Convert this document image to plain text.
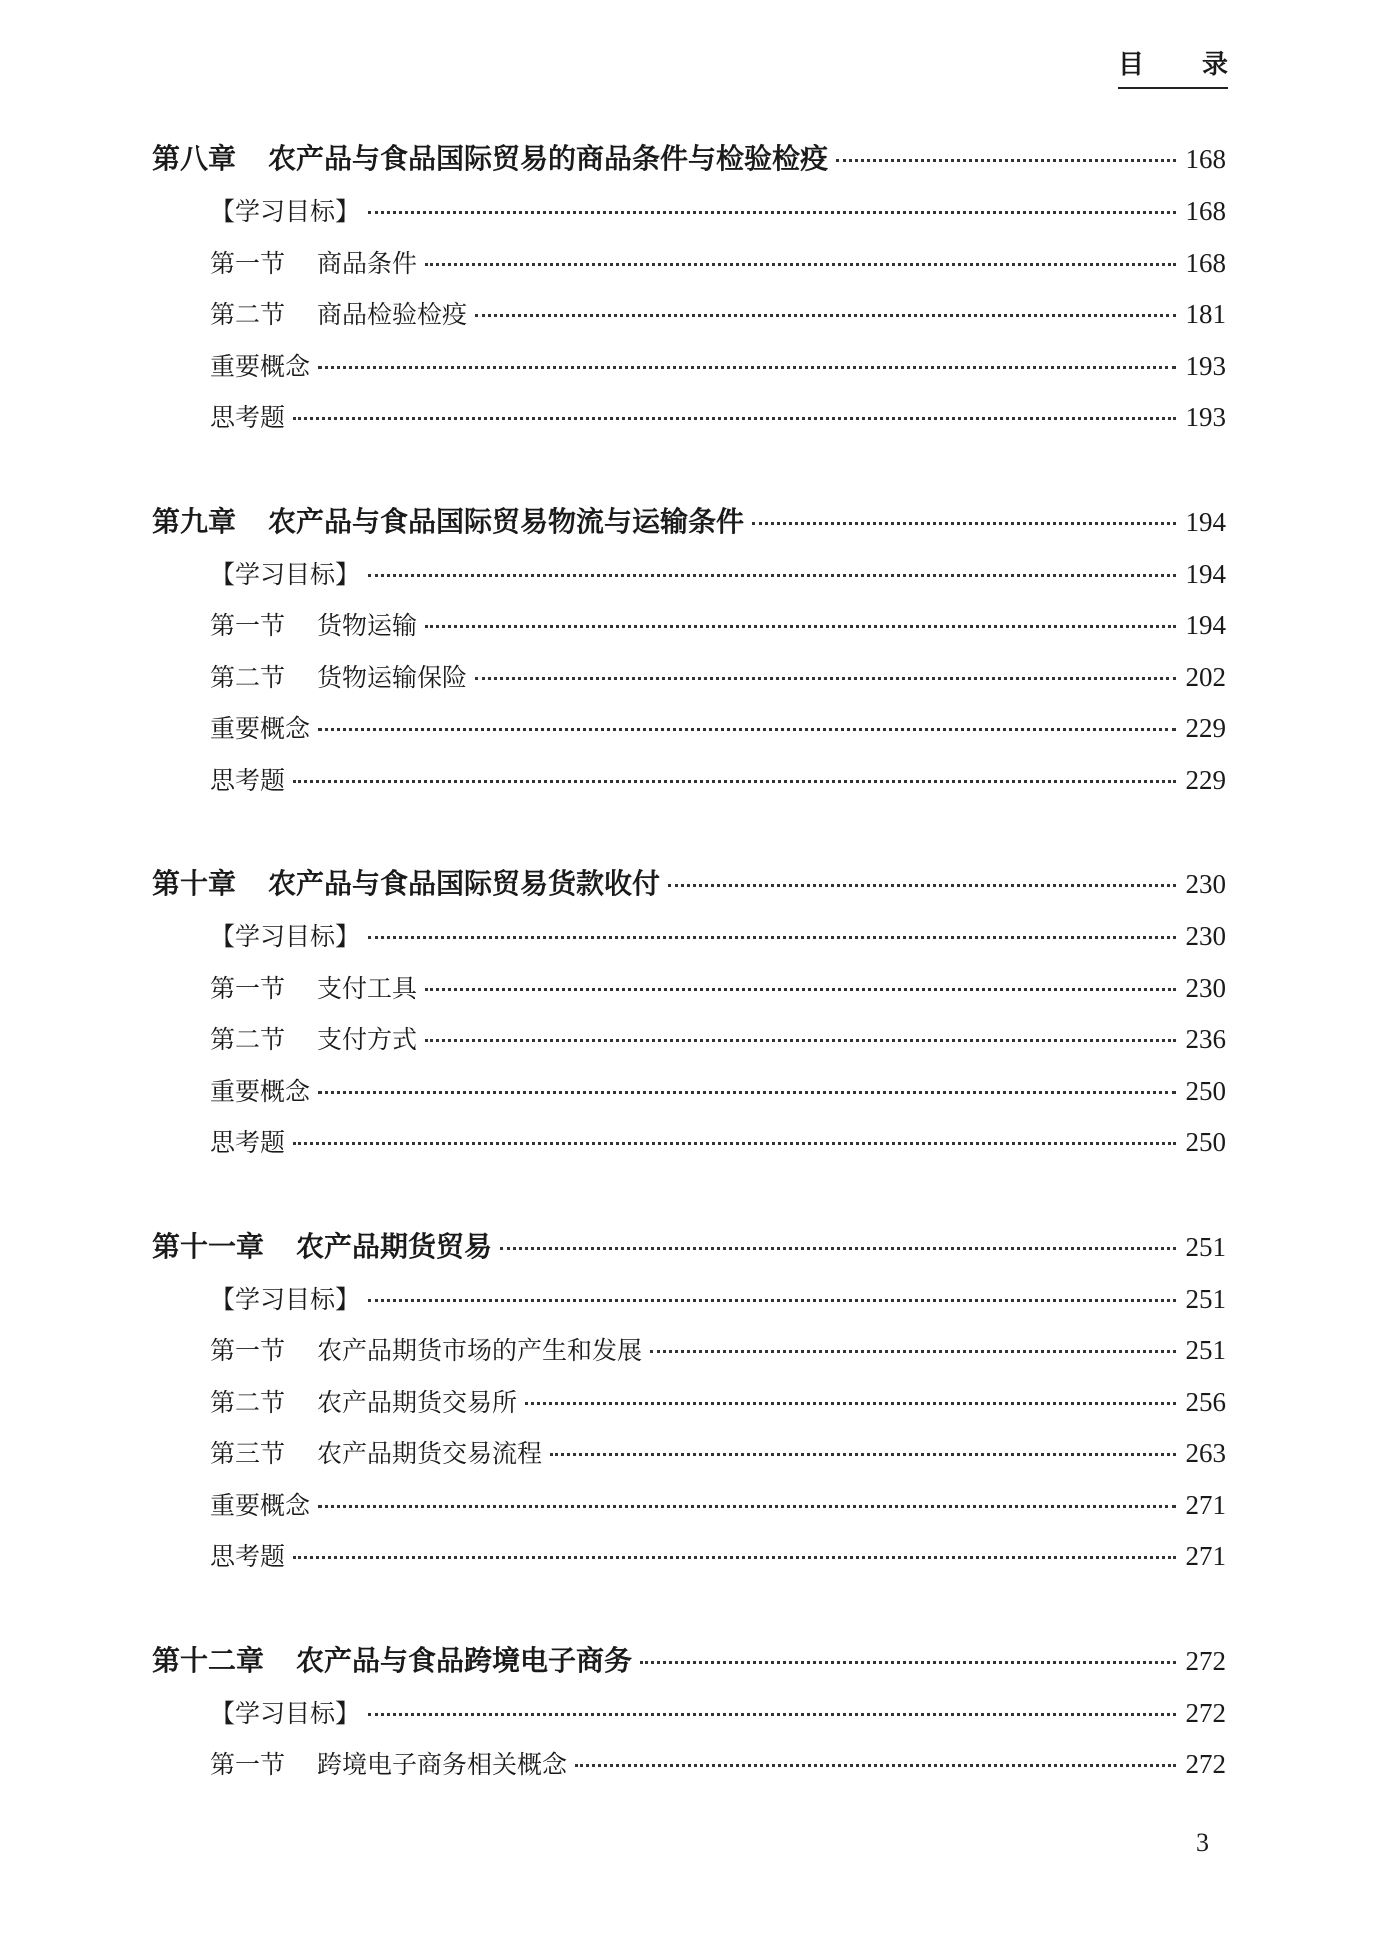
目 录
第八章 农产品与食品国际贸易的商品条件与检验检疫	168
【学习目标】	168
第一节 商品条件	168
第二节 商品检验检疫	181
重要概念	193
思考题	193
第九章 农产品与食品国际贸易物流与运输条件	194
【学习目标】	194
第一节 货物运输	194
第二节 货物运输保险	202
重要概念	229
思考题	229
第十章 农产品与食品国际贸易货款收付	230
【学习目标】	230
第一节 支付工具	230
第二节 支付方式	236
重要概念	250
思考题	250
第十一章 农产品期货贸易	251
【学习目标】	251
第一节 农产品期货市场的产生和发展	251
第二节 农产品期货交易所	256
第三节 农产品期货交易流程	263
重要概念	271
思考题	271
第十二章 农产品与食品跨境电子商务	272
【学习目标】	272
第一节 跨境电子商务相关概念	272
3
